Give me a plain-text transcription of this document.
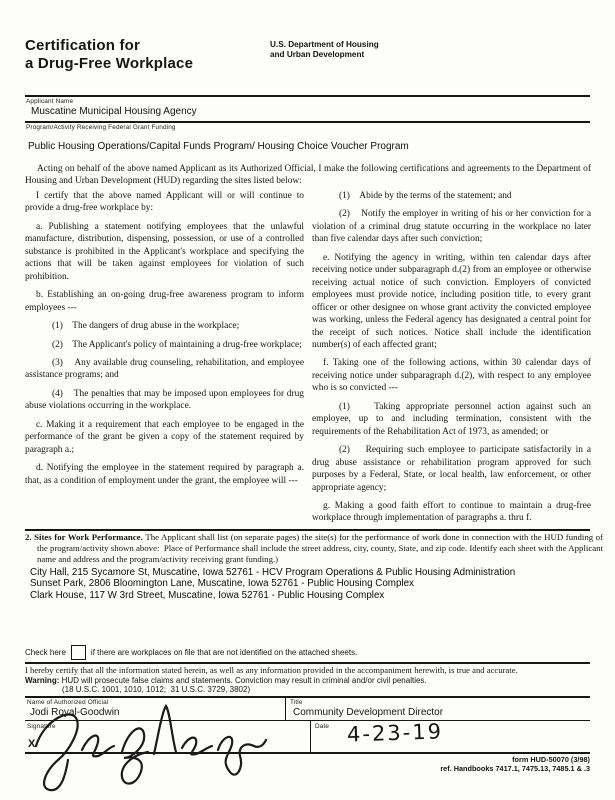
Certification for
a Drug-Free Workplace
U.S. Department of Housing
and Urban Development
Applicant Name
Muscatine Municipal Housing Agency
Program/Activity Receiving Federal Grant Funding
Public Housing Operations/Capital Funds Program/ Housing Choice Voucher Program
Acting on behalf of the above named Applicant as its Authorized Official, I make the following certifications and agreements to the Department of Housing and Urban Development (HUD) regarding the sites listed below:

I certify that the above named Applicant will or will continue to provide a drug-free workplace by:

a. Publishing a statement notifying employees that the unlawful manufacture, distribution, dispensing, possession, or use of a controlled substance is prohibited in the Applicant's workplace and specifying the actions that will be taken against employees for violation of such prohibition.

b. Establishing an on-going drug-free awareness program to inform employees ---

(1)    The dangers of drug abuse in the workplace;

(2)    The Applicant's policy of maintaining a drug-free workplace;

(3)    Any available drug counseling, rehabilitation, and employee assistance programs; and

(4)    The penalties that may be imposed upon employees for drug abuse violations occurring in the workplace.

c. Making it a requirement that each employee to be engaged in the performance of the grant be given a copy of the statement required by paragraph a.;

d. Notifying the employee in the statement required by paragraph a. that, as a condition of employment under the grant, the employee will ---

(1)    Abide by the terms of the statement; and

(2)    Notify the employer in writing of his or her conviction for a violation of a criminal drug statute occurring in the workplace no later than five calendar days after such conviction;

e. Notifying the agency in writing, within ten calendar days after receiving notice under subparagraph d.(2) from an employee or otherwise receiving actual notice of such conviction. Employers of convicted employees must provide notice, including position title, to every grant officer or other designee on whose grant activity the convicted employee was working, unless the Federal agency has designated a central point for the receipt of such notices. Notice shall include the identification number(s) of each affected grant;

f. Taking one of the following actions, within 30 calendar days of receiving notice under subparagraph d.(2), with respect to any employee who is so convicted ---

(1)    Taking appropriate personnel action against such an employee, up to and including termination, consistent with the requirements of the Rehabilitation Act of 1973, as amended; or

(2)    Requiring such employee to participate satisfactorily in a drug abuse assistance or rehabilitation program approved for such purposes by a Federal, State, or local health, law enforcement, or other appropriate agency;

g. Making a good faith effort to continue to maintain a drug-free workplace through implementation of paragraphs a. thru f.

2. Sites for Work Performance. The Applicant shall list (on separate pages) the site(s) for the performance of work done in connection with the HUD funding of the program/activity shown above:  Place of Performance shall include the street address, city, county, State, and zip code. Identify each sheet with the Applicant name and address and the program/activity receiving grant funding.)
City Hall, 215 Sycamore St, Muscatine, Iowa 52761 - HCV Program Operations & Public Housing Administration
Sunset Park, 2806 Bloomington Lane, Muscatine, Iowa 52761 - Public Housing Complex
Clark House, 117 W 3rd Street, Muscatine, Iowa 52761 - Public Housing Complex
Check here	if there are workplaces on file that are not identified on the attached sheets.
I hereby certify that all the information stated herein, as well as any information provided in the accompaniment herewith, is true and accurate.
Warning: HUD will prosecute false claims and statements. Conviction may result in criminal and/or civil penalties.
(18 U.S.C. 1001, 1010, 1012;  31 U.S.C. 3729, 3802)
Name of Authorized Official
Jodi Royal-Goodwin
Title
Community Development Director
Signature
X
Date 4-23-19
form HUD-50070 (3/98)
ref. Handbooks 7417.1, 7475.13, 7485.1 & .3
